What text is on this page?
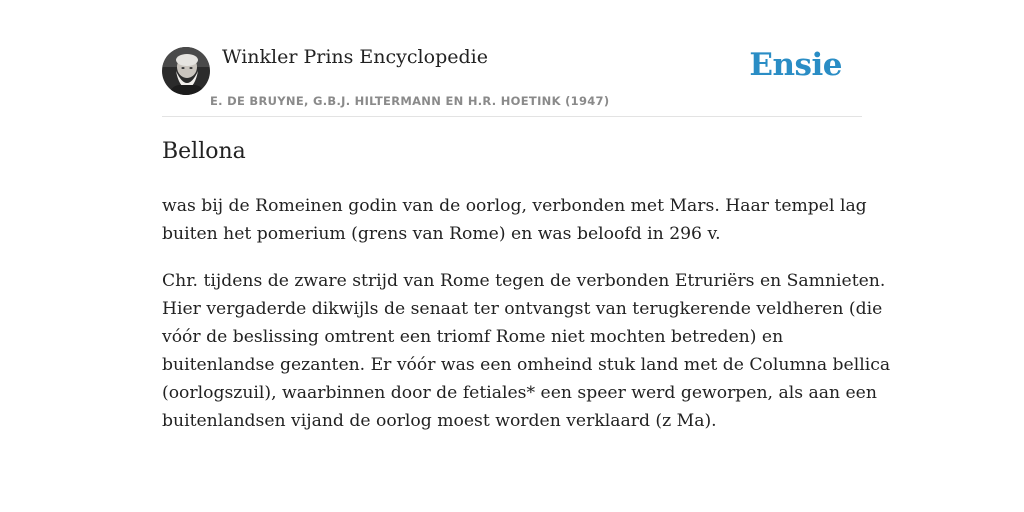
Winkler Prins Encyclopedie
E. DE BRUYNE, G.B.J. HILTERMANN EN H.R. HOETINK (1947)
Ensie
Bellona

was bij de Romeinen godin van de oorlog, verbonden met Mars. Haar tempel lag
buiten het pomerium (grens van Rome) en was beloofd in 296 v.

Chr. tijdens de zware strijd van Rome tegen de verbonden Etruriërs en Samnieten.
Hier vergaderde dikwijls de senaat ter ontvangst van terugkerende veldheren (die
vóór de beslissing omtrent een triomf Rome niet mochten betreden) en
buitenlandse gezanten. Er vóór was een omheind stuk land met de Columna bellica
(oorlogszuil), waarbinnen door de fetiales* een speer werd geworpen, als aan een
buitenlandsen vijand de oorlog moest worden verklaard (z Ma).
